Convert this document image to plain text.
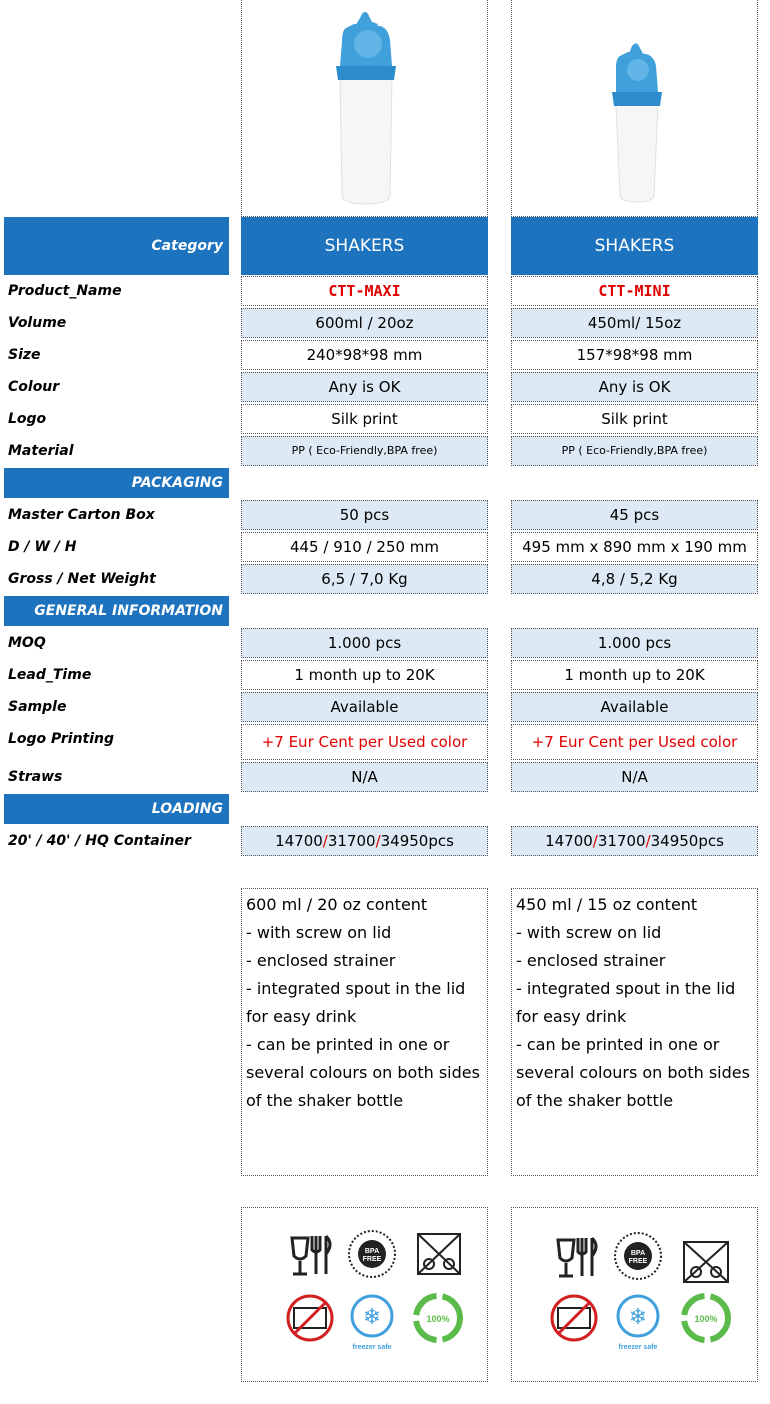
Category	SHAKERS	SHAKERS
Product_Name
Volume
Size
Colour
Logo
Material
PACKAGING
Master Carton Box
D / W / H
Gross / Net Weight
GENERAL INFORMATION
MOQ
Lead_Time
Sample
Logo Printing
Straws
LOADING
20' / 40' / HQ Container
CTT-MAXI
600ml / 20oz
240*98*98 mm
Any is OK
Silk print
PP ( Eco-Friendly,BPA free)
50 pcs
445 / 910 / 250 mm
6,5 / 7,0 Kg
1.000 pcs
1 month up to 20K
Available
+7 Eur Cent per Used color
N/A
14700/31700/34950pcs
CTT-MINI
450ml/ 15oz
157*98*98 mm
Any is OK
Silk print
PP ( Eco-Friendly,BPA free)
45 pcs
495 mm x 890 mm x 190 mm
4,8 / 5,2 Kg
1.000 pcs
1 month up to 20K
Available
+7 Eur Cent per Used color
N/A
14700/31700/34950pcs
600 ml / 20 oz content
- with screw on lid
- enclosed strainer
- integrated spout in the lid
for easy drink
- can be printed in one or
several colours on both sides
of the shaker bottle
450 ml / 15 oz content
- with screw on lid
- enclosed strainer
- integrated spout in the lid
for easy drink
- can be printed in one or
several colours on both sides
of the shaker bottle
BPA
FREE
❄
freezer safe
100%
BPA
FREE
❄
freezer safe
100%
